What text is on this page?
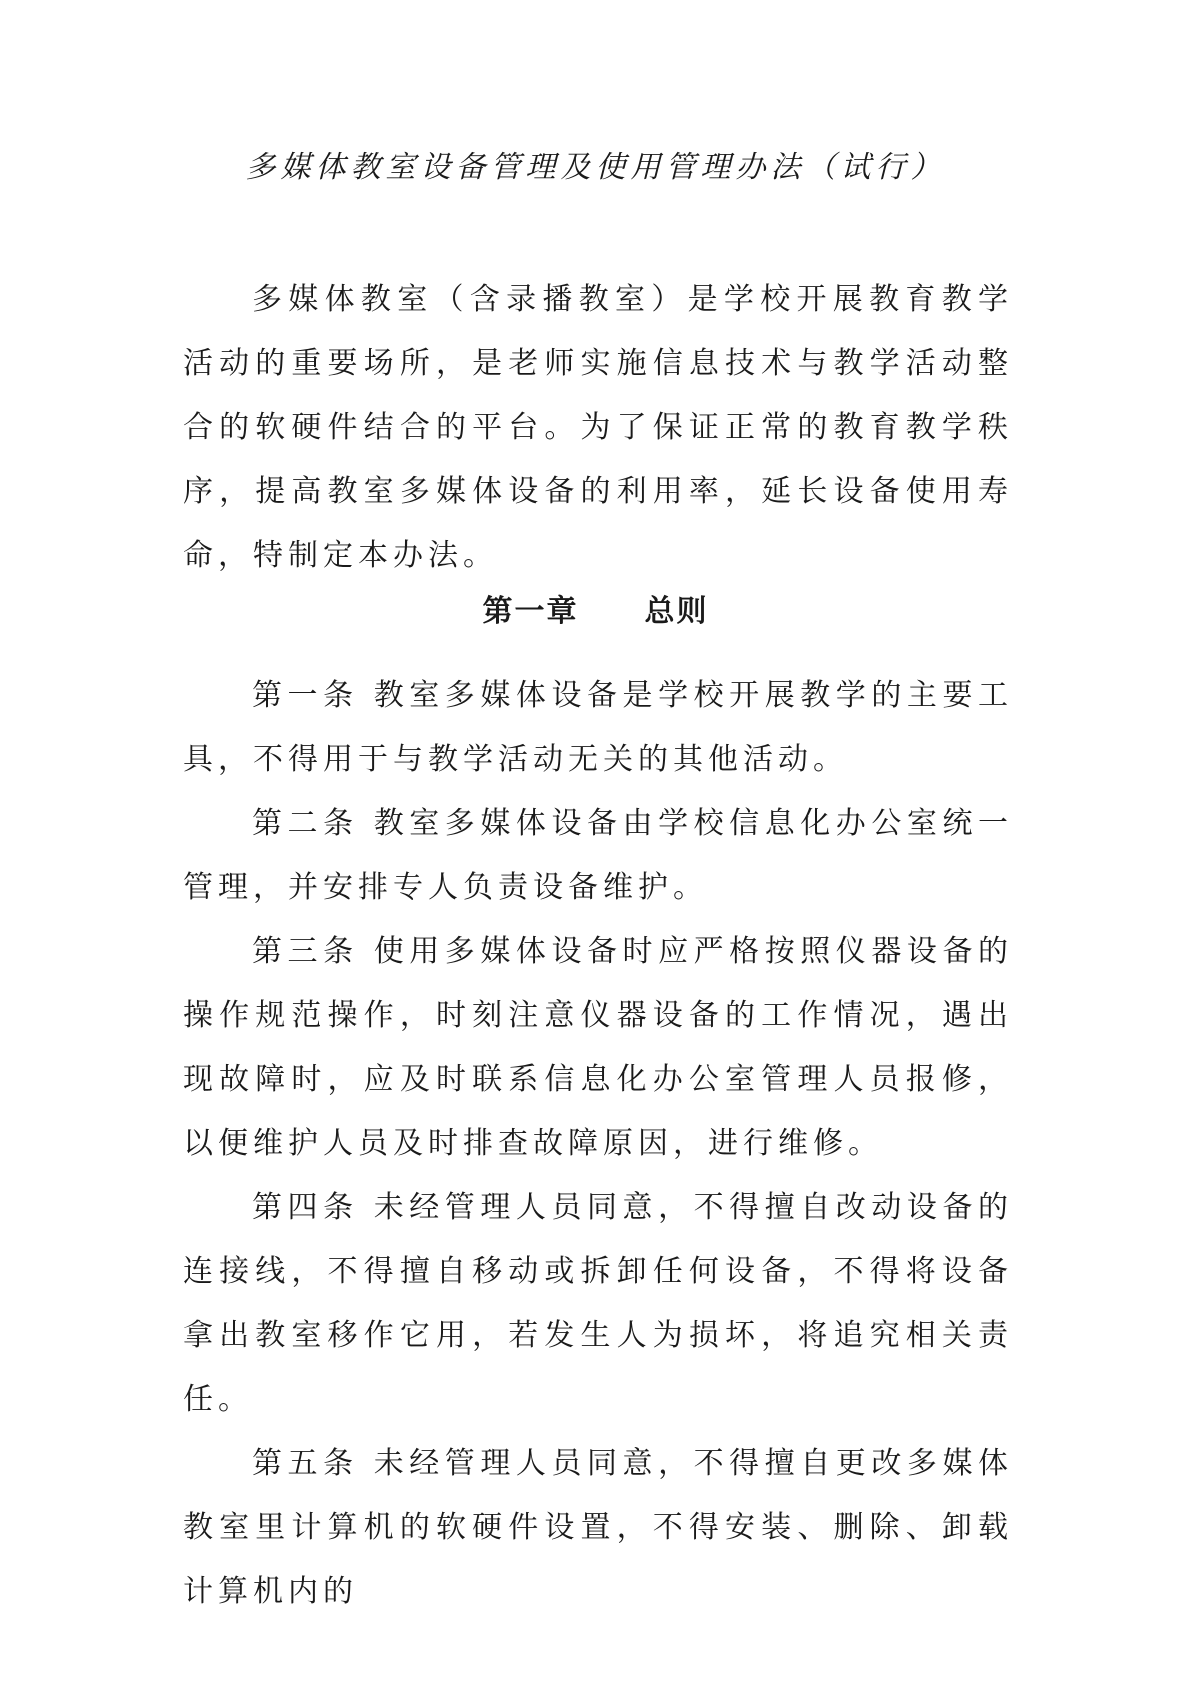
多媒体教室设备管理及使用管理办法（试行）

多媒体教室（含录播教室）是学校开展教育教学活动的重要场所，是老师实施信息技术与教学活动整合的软硬件结合的平台。为了保证正常的教育教学秩序，提高教室多媒体设备的利用率，延长设备使用寿命，特制定本办法。

第一章 总则

第一条 教室多媒体设备是学校开展教学的主要工具，不得用于与教学活动无关的其他活动。

第二条 教室多媒体设备由学校信息化办公室统一管理，并安排专人负责设备维护。

第三条 使用多媒体设备时应严格按照仪器设备的操作规范操作，时刻注意仪器设备的工作情况，遇出现故障时，应及时联系信息化办公室管理人员报修，以便维护人员及时排查故障原因，进行维修。

第四条 未经管理人员同意，不得擅自改动设备的连接线，不得擅自移动或拆卸任何设备，不得将设备拿出教室移作它用，若发生人为损坏，将追究相关责任。

第五条 未经管理人员同意，不得擅自更改多媒体教室里计算机的软硬件设置，不得安装、删除、卸载计算机内的
